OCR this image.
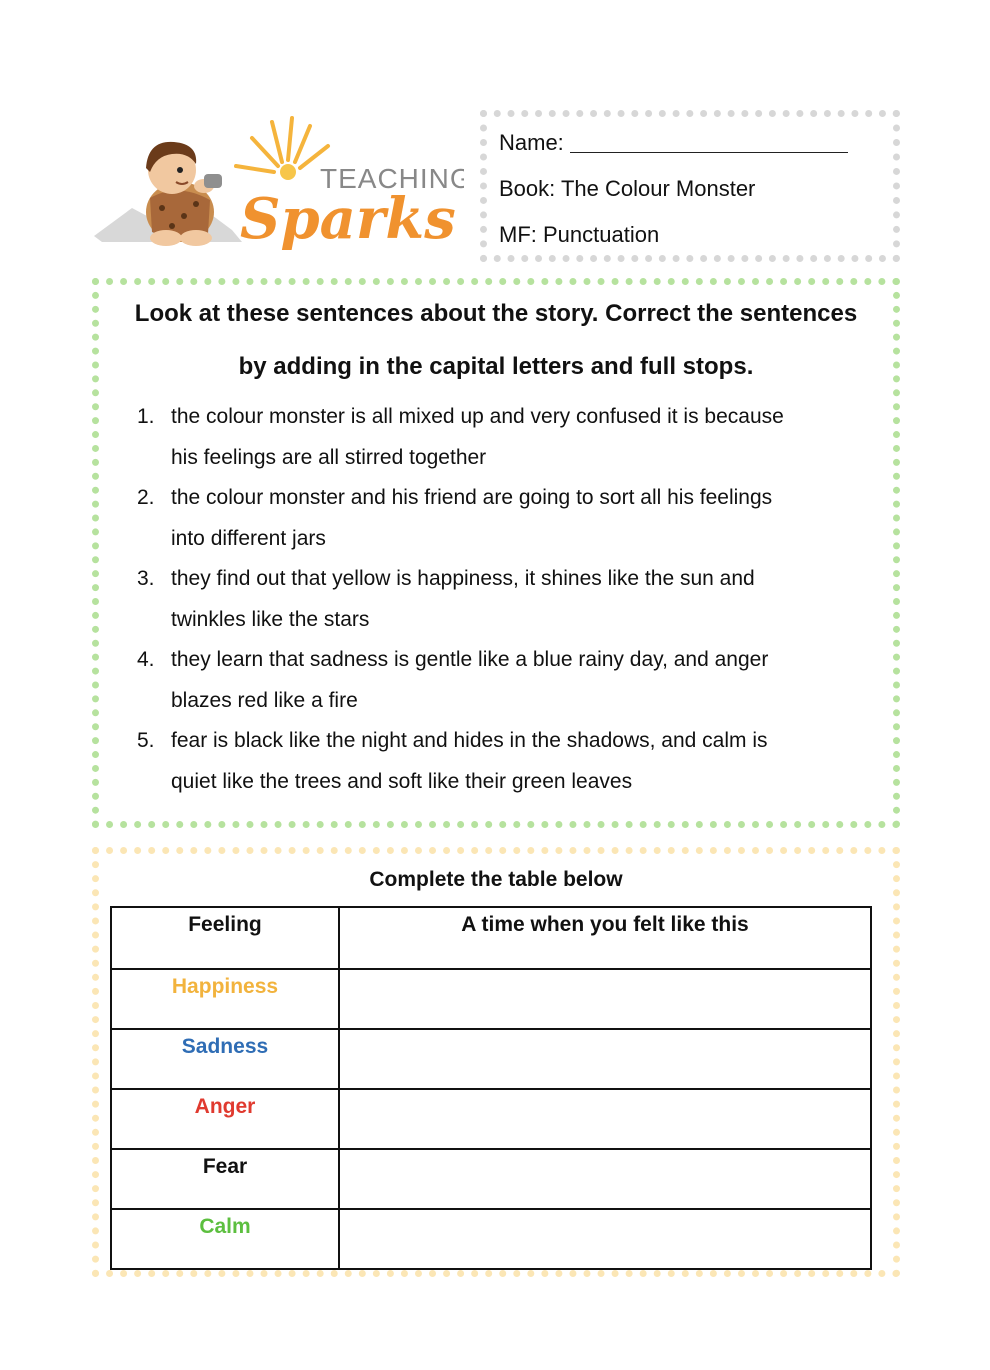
TEACHING
Sparks
Name:
Book: The Colour Monster
MF: Punctuation
Look at these sentences about the story. Correct the sentences
by adding in the capital letters and full stops.
1. the colour monster is all mixed up and very confused it is because
his feelings are all stirred together
2. the colour monster and his friend are going to sort all his feelings
into different jars
3. they find out that yellow is happiness, it shines like the sun and
twinkles like the stars
4. they learn that sadness is gentle like a blue rainy day, and anger
blazes red like a fire
5. fear is black like the night and hides in the shadows, and calm is
quiet like the trees and soft like their green leaves
Complete the table below
Feeling	A time when you felt like this
Happiness	
Sadness	
Anger	
Fear	
Calm	
